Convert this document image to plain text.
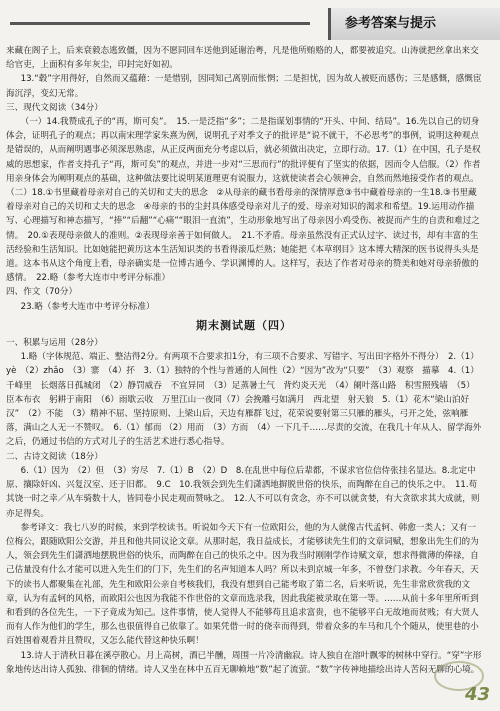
参考答案与提示

来藏在阁子上，后来衰毅态逃致僵，因为不愿同回车送他到延谢治粤，凡是他所贿赂的人，都要被追究。山涛就把丝拿出来交给官吏，上面积有多年灰尘，印封完好如初。

13.“毂”字用得好，自然而又蕴藉：一是惜别，因同知己离别而怅惘；二是担忧，因为故人被贬而感伤；三是感慨，感慨宦海沉浮，变幻无常。

三、现代文阅读（34分）

（一）14.我赞成孔子的“再，斯可矣”。　15.一是泛指“多”；二是指谋划事情的“开头、中间、结局”。16.先以自己的切身体会，证明孔子的观点；再以南宋理学家朱熹为例，说明孔子对季文子的批评是“说不就干，不必思考”的事例，说明这种观点是错误的，从而阐明遇事必须深思熟虑，从正反两面充分考虑以后，就必须做出决定，立即行动。17.（1）在中国，孔子是权威的思想家，作者支持孔子“再，斯可矣”的观点，并进一步对“三思而行”的批评便有了坚实的依据，因而令人信服。（2）作者用亲身体会为阐明观点的基础，这种做法要比说明某道理更有说服力，这就使读者会心领神会，自然而然地接受作者的观点。（二）18.①书里藏着母亲对自己的关切和丈夫的思念　②从母亲的藏书看母亲的深情厚意③书中藏着母亲的一生18.③书里藏着母亲对自己的关切和丈夫的思念　④母亲的书的尘封具体感受母亲对儿子的爱、母亲对知识的渴求和希望。19.运用动作描写、心理描写和神态描写，“捧”“后翻”“心痛”“眼泪一直流”，生动形象地写出了母亲因小鸡受伤、被捉而产生的自责和难过之情。　20.①表现母亲做人的准则。②表现母亲善于如何做人。　21.不矛盾。母亲虽然没有正式认过字、读过书，却有丰富的生活经验和生活知识。比如她能把黄历这本生活知识类的书看得滚瓜烂熟；她能把《本草纲目》这本博大精深的医书说得头头是道。这本书从这个角度上看，母亲确实是一位博古通今、学识渊博的人。这样写，表达了作者对母亲的赞美和她对母亲骄傲的感情。　22.略（参考大连市中考评分标准）

四、作文（70分）

23.略（参考大连市中考评分标准）

期末测试题（四）

一、积累与运用（28分）

1.略（字体规范、端正、整洁得2分。有两项不合要求扣1分，有三项不合要求、写错字、写出田字格外不得分）　2.（1）yè　（2）zhǎo　（3）寨　（4）抔　3.（1）独特的个性与普通的人间性（2）“因为”改为“只要”　（3）观察　描摹　4.（1）千峰里　长烟落日孤城闭　（2）静罚威吞　不宜异同　（3）足蒸暑土气　背灼炎天光　（4）阑叶落山路　积雪照残墙　（5）臣本布衣　躬耕于南阳　（6）雨歇云收　万里江山一夜同（7）会挽雕弓如满月　西北望　射天狼　5.（1）花木“梁山泊好汉”　（2）不能　（3）精神不屈、坚持原则、上梁山后，天边有雁群飞过，花荣说要射第三只雁的雁头，弓开之处，弦响雁落，满山之人无一不赞叹。　6.（1）郁而 （2）用而　（3）方而　（4）一下几千……尽责的交流，在我几十年从人、留学海外之后，仍通过书信的方式对儿子的生活艺术进行悉心指导。

二、古诗文阅读（18分）

6.（1）因为　（2）但　（3）穷尽　7.（1）B　（2）D　8.在乱世中每位后辈都，不谋求官位信侍张挂名显达。8.北定中原、攘除奸凶、兴复汉室、还于旧都。　9.C　10.我领会到先生们潇洒地摒脱世俗的快乐，而陶醉在自己的快乐之中。　11.苟其饶一时之幸／从车骑数十人，皆同卷小民走观而赞咏之。　12.人不可以有贪念，亦不可以就贪婪，有大贪欲求其大成就，则亦足得矣。

参考译文：我七八岁的时候，来到学校读书。听说如今天下有一位欧阳公，他的为人就像古代孟轲、韩愈一类人；又有一位梅公，跟随欧阳公交游，并且和他共同议论文章。从那时起，我日益成长，才能够读先生们的文章词赋，想象出先生们的为人，领会到先生们潇洒地摆脱世俗的快乐，而陶醉在自己的快乐之中。因为我当时刚刚学作诗赋文章，想求得微薄的俸禄，自己估量没有什么才能可以进入先生们的门下，先生们的名声知道本人吗？所以未到京城一年多，不曾登门求教。今年春天，天下的读书人都聚集在礼部，先生和欧阳公亲自考核我们，我没有想到自己能考取了第二名，后来听说，先生非常欣赏我的文章，认为有孟轲的风格，而欧阳公也因为我能不作世俗的文章而选录我，因此我能被录取在第一等。……从前十多年里所听到和看到的各位先生，一下子竟成为知己。这件事情，使人觉得人不能够苟且追求富贵，也不能够平白无故地而贫贱；有大贤人而有人作为他们的学生，那么也很值得自己依靠了。如果凭借一时的侥幸而得到，带着众多的车马和几个个随从，使里巷的小百姓围着观看并且赞叹，又怎么能代替这种快乐啊！

13.诗人于清秋日暮在溪亭散心。月上高树，酒已半醺，周围一片冷清幽寂。诗人独自在溶叶飘零的树林中穿行。“穿”字形象地传达出诗人孤独、徘徊的情绪。诗人又坐在林中五百无聊赖地“数”起了流萤。“数”字传神地描绘出诗人苦闷无聊的心境。

43
